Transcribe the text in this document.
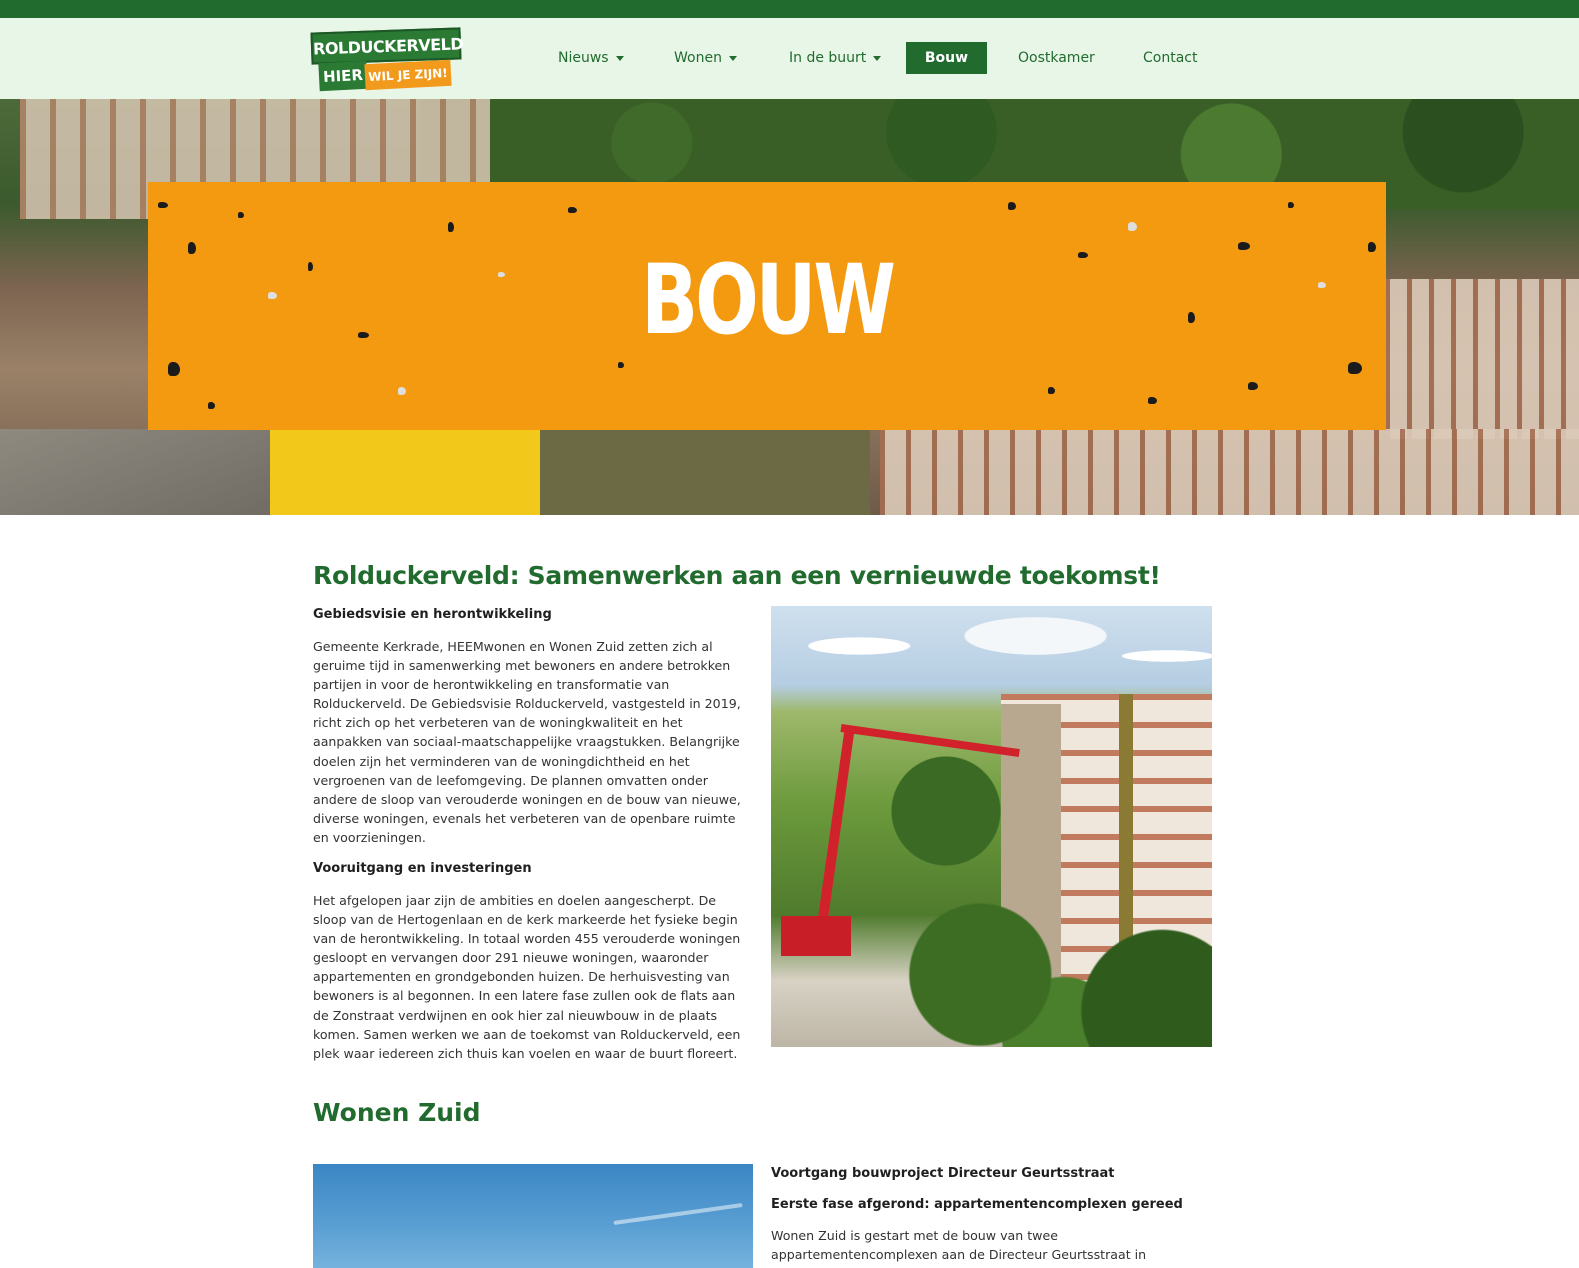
ROLDUCKERVELD
HIER WIL JE ZIJN!
Nieuws	Wonen	In de buurt	Bouw	Oostkamer	Contact
BOUW
Rolduckerveld: Samenwerken aan een vernieuwde toekomst!
Gebiedsvisie en herontwikkeling

Gemeente Kerkrade, HEEMwonen en Wonen Zuid zetten zich al geruime tijd in samenwerking met bewoners en andere betrokken partijen in voor de herontwikkeling en transformatie van Rolduckerveld. De Gebiedsvisie Rolduckerveld, vastgesteld in 2019, richt zich op het verbeteren van de woningkwaliteit en het aanpakken van sociaal-maatschappelijke vraagstukken. Belangrijke doelen zijn het verminderen van de woningdichtheid en het vergroenen van de leefomgeving. De plannen omvatten onder andere de sloop van verouderde woningen en de bouw van nieuwe, diverse woningen, evenals het verbeteren van de openbare ruimte en voorzieningen.

Vooruitgang en investeringen

Het afgelopen jaar zijn de ambities en doelen aangescherpt. De sloop van de Hertogenlaan en de kerk markeerde het fysieke begin van de herontwikkeling. In totaal worden 455 verouderde woningen gesloopt en vervangen door 291 nieuwe woningen, waaronder appartementen en grondgebonden huizen. De herhuisvesting van bewoners is al begonnen. In een latere fase zullen ook de flats aan de Zonstraat verdwijnen en ook hier zal nieuwbouw in de plaats komen. Samen werken we aan de toekomst van Rolduckerveld, een plek waar iedereen zich thuis kan voelen en waar de buurt floreert.

Wonen Zuid
Voortgang bouwproject Directeur Geurtsstraat
Eerste fase afgerond: appartementencomplexen gereed

Wonen Zuid is gestart met de bouw van twee appartementencomplexen aan de Directeur Geurtsstraat in
